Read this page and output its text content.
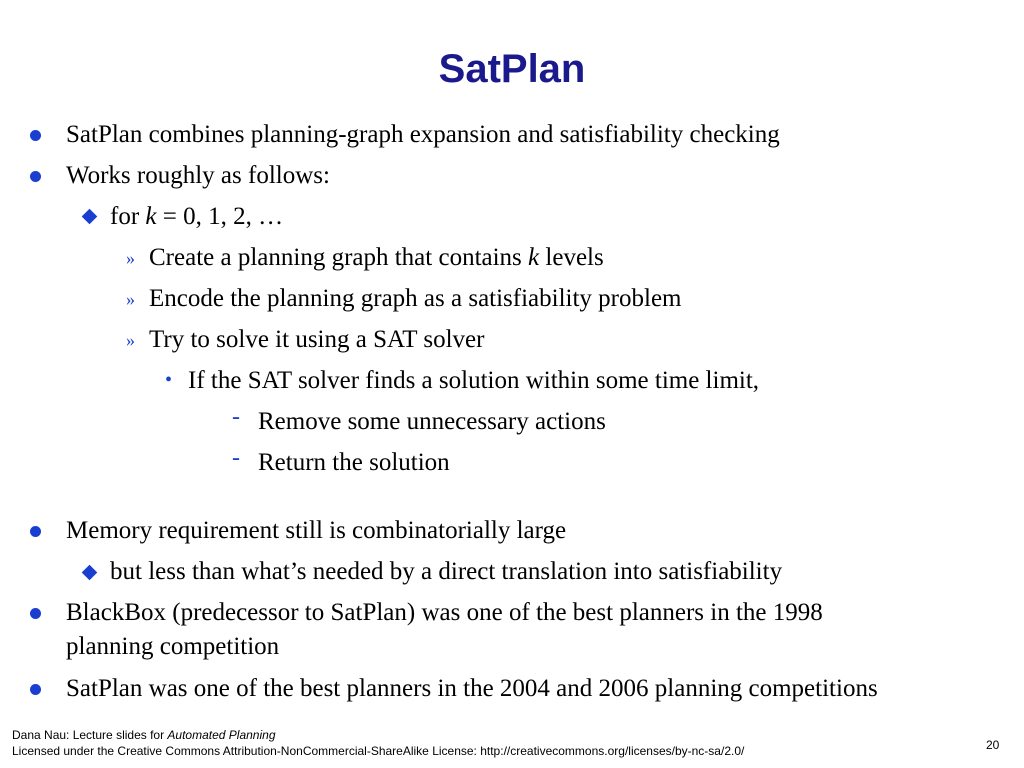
SatPlan
SatPlan combines planning-graph expansion and satisfiability checking
Works roughly as follows:
for k = 0, 1, 2, …
» Create a planning graph that contains k levels
» Encode the planning graph as a satisfiability problem
» Try to solve it using a SAT solver
• If the SAT solver finds a solution within some time limit,
- Remove some unnecessary actions
- Return the solution
Memory requirement still is combinatorially large
but less than what’s needed by a direct translation into satisfiability
BlackBox (predecessor to SatPlan) was one of the best planners in the 1998
planning competition
SatPlan was one of the best planners in the 2004 and 2006 planning competitions
Dana Nau: Lecture slides for Automated Planning
Licensed under the Creative Commons Attribution-NonCommercial-ShareAlike License: http://creativecommons.org/licenses/by-nc-sa/2.0/	20
